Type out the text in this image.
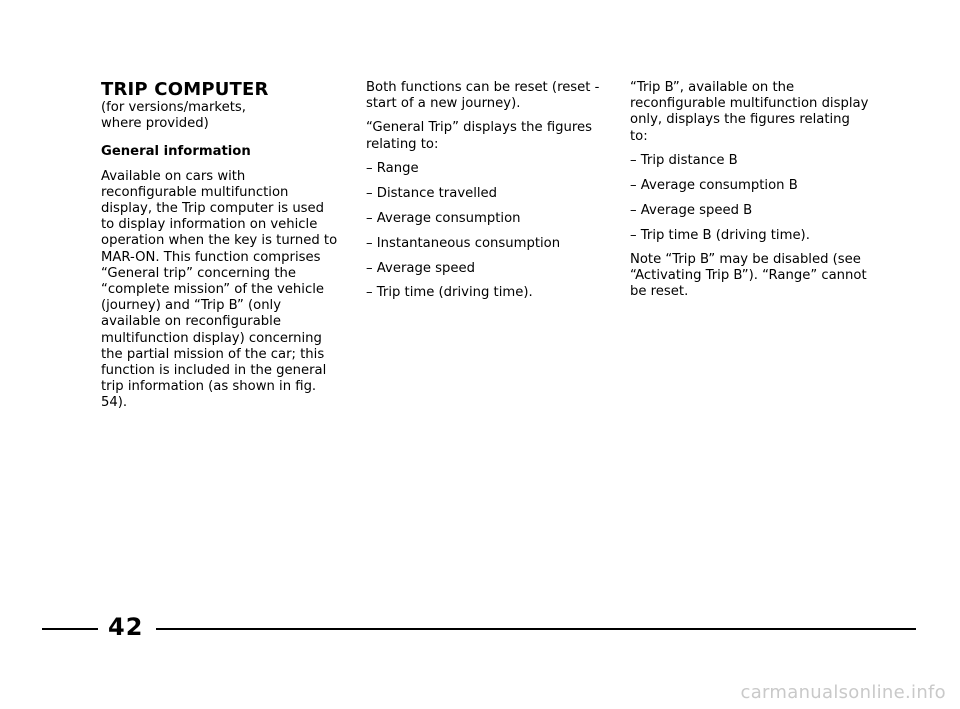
TRIP COMPUTER

(for versions/markets,

where provided)

General information

Available on cars with reconfigurable multifunction display, the Trip computer is used to display information on vehicle operation when the key is turned to MAR-ON. This function comprises “General trip” concerning the “complete mission” of the vehicle (journey) and “Trip B” (only available on reconfigurable multifunction display) concerning the partial mission of the car; this function is included in the general trip information (as shown in fig. 54).

Both functions can be reset (reset - start of a new journey).

“General Trip” displays the figures relating to:

– Range
– Distance travelled
– Average consumption
– Instantaneous consumption
– Average speed
– Trip time (driving time).

“Trip B”, available on the reconfigurable multifunction display only, displays the figures relating to:

– Trip distance B
– Average consumption B
– Average speed B
– Trip time B (driving time).

Note “Trip B” may be disabled (see “Activating Trip B”). “Range” cannot be reset.

42
carmanualsonline.info
